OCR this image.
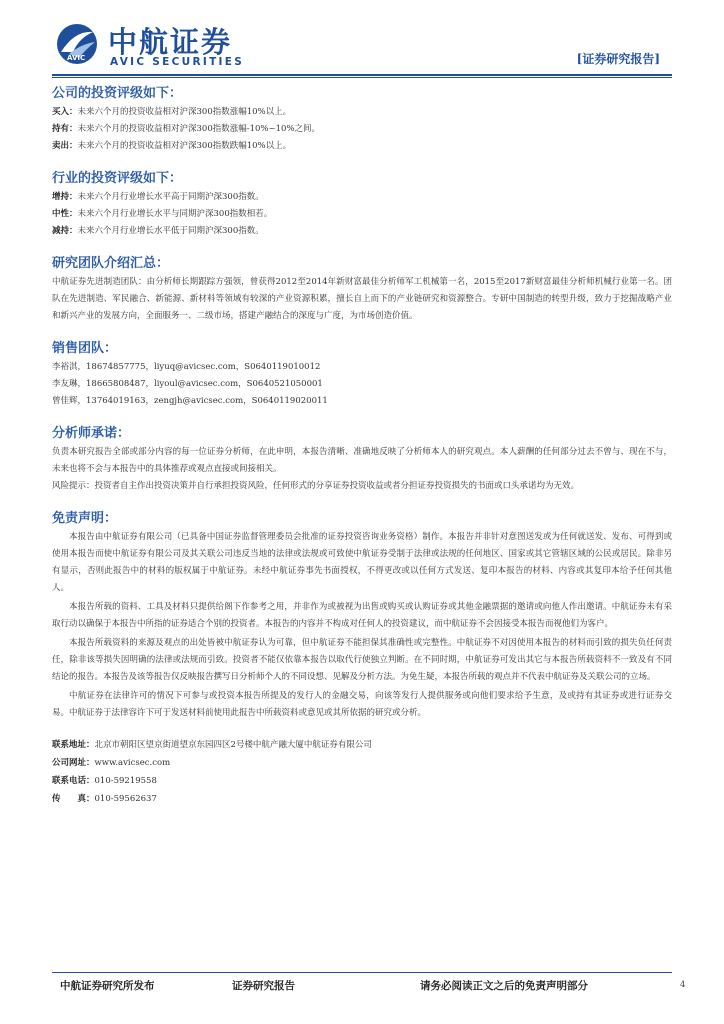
AVIC 中航证券
AVIC SECURITIES	[证券研究报告]
公司的投资评级如下：

买入：未来六个月的投资收益相对沪深300指数涨幅10%以上。

持有：未来六个月的投资收益相对沪深300指数涨幅-10%~10%之间。

卖出：未来六个月的投资收益相对沪深300指数跌幅10%以上。

行业的投资评级如下：

增持：未来六个月行业增长水平高于同期沪深300指数。

中性：未来六个月行业增长水平与同期沪深300指数相若。

减持：未来六个月行业增长水平低于同期沪深300指数。

研究团队介绍汇总：

中航证券先进制造团队：由分析师长期跟踪方强领，曾获得2012至2014年新财富最佳分析师军工机械第一名，2015至2017新财富最佳分析师机械行业第一名。团队在先进制造、军民融合、新能源、新材料等领域有较深的产业资源积累，擅长自上而下的产业链研究和资源整合。专研中国制造的转型升级，致力于挖掘战略产业和新兴产业的发展方向，全面服务一、二级市场，搭建产融结合的深度与广度，为市场创造价值。

销售团队：

李裕淇，18674857775，liyuq@avicsec.com，S0640119010012

李友琳，18665808487，liyoul@avicsec.com，S0640521050001

曾佳辉，13764019163，zengjh@avicsec.com，S0640119020011

分析师承诺：

负责本研究报告全部或部分内容的每一位证券分析师，在此申明，本报告清晰、准确地反映了分析师本人的研究观点。本人薪酬的任何部分过去不曾与、现在不与，未来也将不会与本报告中的具体推荐或观点直接或间接相关。

风险提示：投资者自主作出投资决策并自行承担投资风险，任何形式的分享证券投资收益或者分担证券投资损失的书面或口头承诺均为无效。

免责声明：

本报告由中航证券有限公司（已具备中国证券监督管理委员会批准的证券投资咨询业务资格）制作。本报告并非针对意图送发或为任何就送发、发布、可得到或使用本报告而使中航证券有限公司及其关联公司违反当地的法律或法规或可致使中航证券受制于法律或法规的任何地区、国家或其它管辖区域的公民或居民。除非另有显示，否则此报告中的材料的版权属于中航证券。未经中航证券事先书面授权，不得更改或以任何方式发送、复印本报告的材料、内容或其复印本给予任何其他人。

本报告所载的资料、工具及材料只提供给阁下作参考之用，并非作为或被视为出售或购买或认购证券或其他金融票据的邀请或向他人作出邀请。中航证券未有采取行动以确保于本报告中所指的证券适合个别的投资者。本报告的内容并不构成对任何人的投资建议，而中航证券不会因接受本报告而视他们为客户。

本报告所载资料的来源及观点的出处皆被中航证券认为可靠，但中航证券不能担保其准确性或完整性。中航证券不对因使用本报告的材料而引致的损失负任何责任，除非该等损失因明确的法律或法规而引致。投资者不能仅依靠本报告以取代行使独立判断。在不同时期，中航证券可发出其它与本报告所载资料不一致及有不同结论的报告。本报告及该等报告仅反映报告撰写日分析师个人的不同设想、见解及分析方法。为免生疑，本报告所载的观点并不代表中航证券及关联公司的立场。

中航证券在法律许可的情况下可参与或投资本报告所提及的发行人的金融交易，向该等发行人提供服务或向他们要求给予生意，及或持有其证券或进行证券交易。中航证券于法律容许下可于发送材料前使用此报告中所载资料或意见或其所依据的研究或分析。

联系地址：北京市朝阳区望京街道望京东园四区2号楼中航产融大厦中航证券有限公司

公司网址：www.avicsec.com

联系电话：010-59219558

传　　真：010-59562637

中航证券研究所发布	证券研究报告	请务必阅读正文之后的免责声明部分	4
